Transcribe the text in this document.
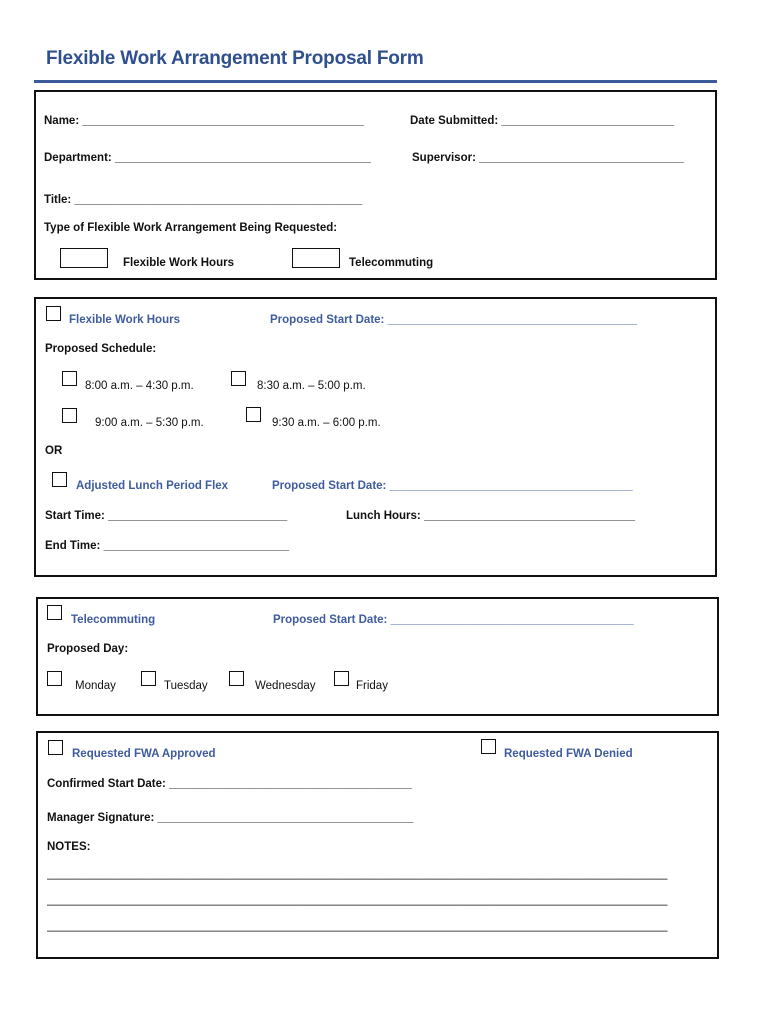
Flexible Work Arrangement Proposal Form
Name: ____________________________________________	Date Submitted: ___________________________
Department: ________________________________________	Supervisor: ________________________________
Title: _____________________________________________
Type of Flexible Work Arrangement Being Requested:
Flexible Work Hours	Telecommuting
Flexible Work Hours	Proposed Start Date: _______________________________________
Proposed Schedule:
8:00 a.m. – 4:30 p.m.	8:30 a.m. – 5:00 p.m.
9:00 a.m. – 5:30 p.m.	9:30 a.m. – 6:00 p.m.
OR
Adjusted Lunch Period Flex	Proposed Start Date: ______________________________________
Start Time: ____________________________	Lunch Hours: _________________________________
End Time: _____________________________
Telecommuting	Proposed Start Date: ______________________________________
Proposed Day:
Monday	Tuesday	Wednesday	Friday
Requested FWA Approved	Requested FWA Denied
Confirmed Start Date: ______________________________________
Manager Signature: ________________________________________
NOTES:
_________________________________________________________________________________________________
_________________________________________________________________________________________________
_________________________________________________________________________________________________
